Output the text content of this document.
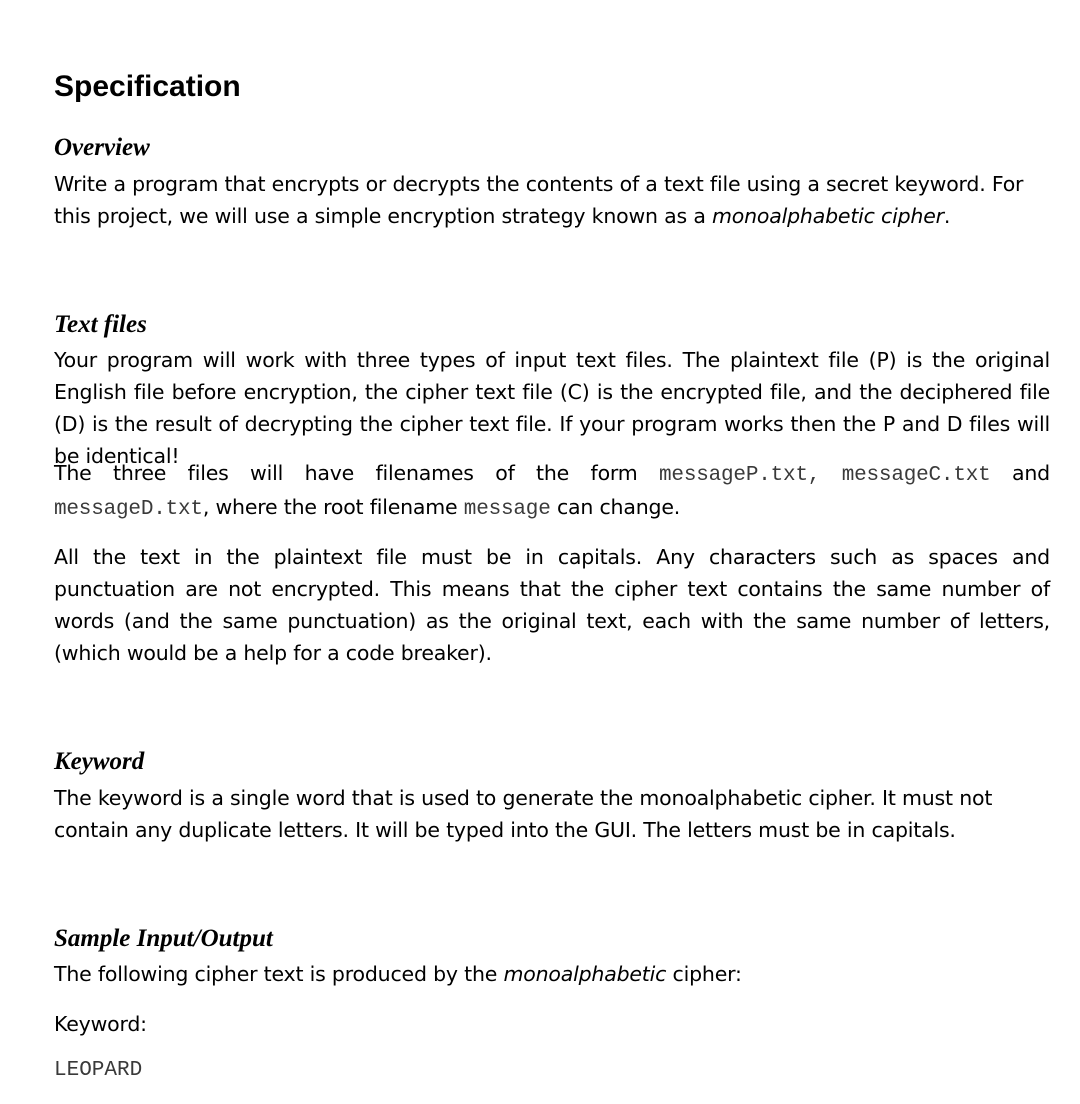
Specification
Overview

Write a program that encrypts or decrypts the contents of a text file using a secret keyword. For this project, we will use a simple encryption strategy known as a monoalphabetic cipher.

Text files

Your program will work with three types of input text files. The plaintext file (P) is the original English file before encryption, the cipher text file (C) is the encrypted file, and the deciphered file (D) is the result of decrypting the cipher text file. If your program works then the P and D files will be identical!

The three files will have filenames of the form messageP.txt, messageC.txt and

messageD.txt, where the root filename message can change.

All the text in the plaintext file must be in capitals. Any characters such as spaces and punctuation are not encrypted. This means that the cipher text contains the same number of words (and the same punctuation) as the original text, each with the same number of letters, (which would be a help for a code breaker).

Keyword

The keyword is a single word that is used to generate the monoalphabetic cipher. It must not contain any duplicate letters. It will be typed into the GUI. The letters must be in capitals.

Sample Input/Output

The following cipher text is produced by the monoalphabetic cipher:

Keyword:

LEOPARD
